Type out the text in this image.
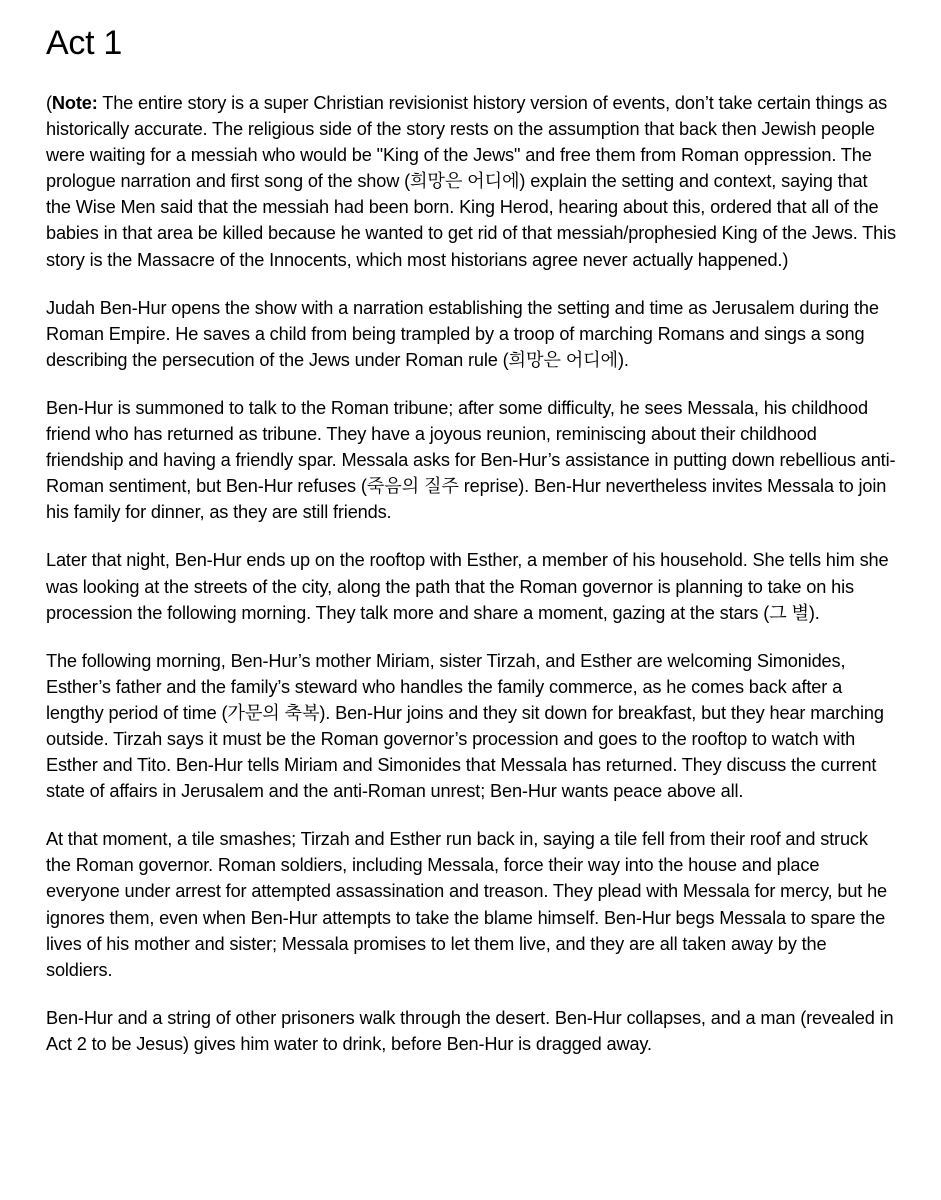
Act 1

(Note: The entire story is a super Christian revisionist history version of events, don’t take certain things as historically accurate. The religious side of the story rests on the assumption that back then Jewish people were waiting for a messiah who would be "King of the Jews" and free them from Roman oppression. The prologue narration and first song of the show (희망은 어디에) explain the setting and context, saying that the Wise Men said that the messiah had been born. King Herod, hearing about this, ordered that all of the babies in that area be killed because he wanted to get rid of that messiah/prophesied King of the Jews. This story is the Massacre of the Innocents, which most historians agree never actually happened.)

Judah Ben-Hur opens the show with a narration establishing the setting and time as Jerusalem during the Roman Empire. He saves a child from being trampled by a troop of marching Romans and sings a song describing the persecution of the Jews under Roman rule (희망은 어디에).

Ben-Hur is summoned to talk to the Roman tribune; after some difficulty, he sees Messala, his childhood friend who has returned as tribune. They have a joyous reunion, reminiscing about their childhood friendship and having a friendly spar. Messala asks for Ben-Hur’s assistance in putting down rebellious anti-Roman sentiment, but Ben-Hur refuses (죽음의 질주 reprise). Ben-Hur nevertheless invites Messala to join his family for dinner, as they are still friends.

Later that night, Ben-Hur ends up on the rooftop with Esther, a member of his household. She tells him she was looking at the streets of the city, along the path that the Roman governor is planning to take on his procession the following morning. They talk more and share a moment, gazing at the stars (그 별).

The following morning, Ben-Hur’s mother Miriam, sister Tirzah, and Esther are welcoming Simonides, Esther’s father and the family’s steward who handles the family commerce, as he comes back after a lengthy period of time (가문의 축복). Ben-Hur joins and they sit down for breakfast, but they hear marching outside. Tirzah says it must be the Roman governor’s procession and goes to the rooftop to watch with Esther and Tito. Ben-Hur tells Miriam and Simonides that Messala has returned. They discuss the current state of affairs in Jerusalem and the anti-Roman unrest; Ben-Hur wants peace above all.

At that moment, a tile smashes; Tirzah and Esther run back in, saying a tile fell from their roof and struck the Roman governor. Roman soldiers, including Messala, force their way into the house and place everyone under arrest for attempted assassination and treason. They plead with Messala for mercy, but he ignores them, even when Ben-Hur attempts to take the blame himself. Ben-Hur begs Messala to spare the lives of his mother and sister; Messala promises to let them live, and they are all taken away by the soldiers.

Ben-Hur and a string of other prisoners walk through the desert. Ben-Hur collapses, and a man (revealed in Act 2 to be Jesus) gives him water to drink, before Ben-Hur is dragged away.
